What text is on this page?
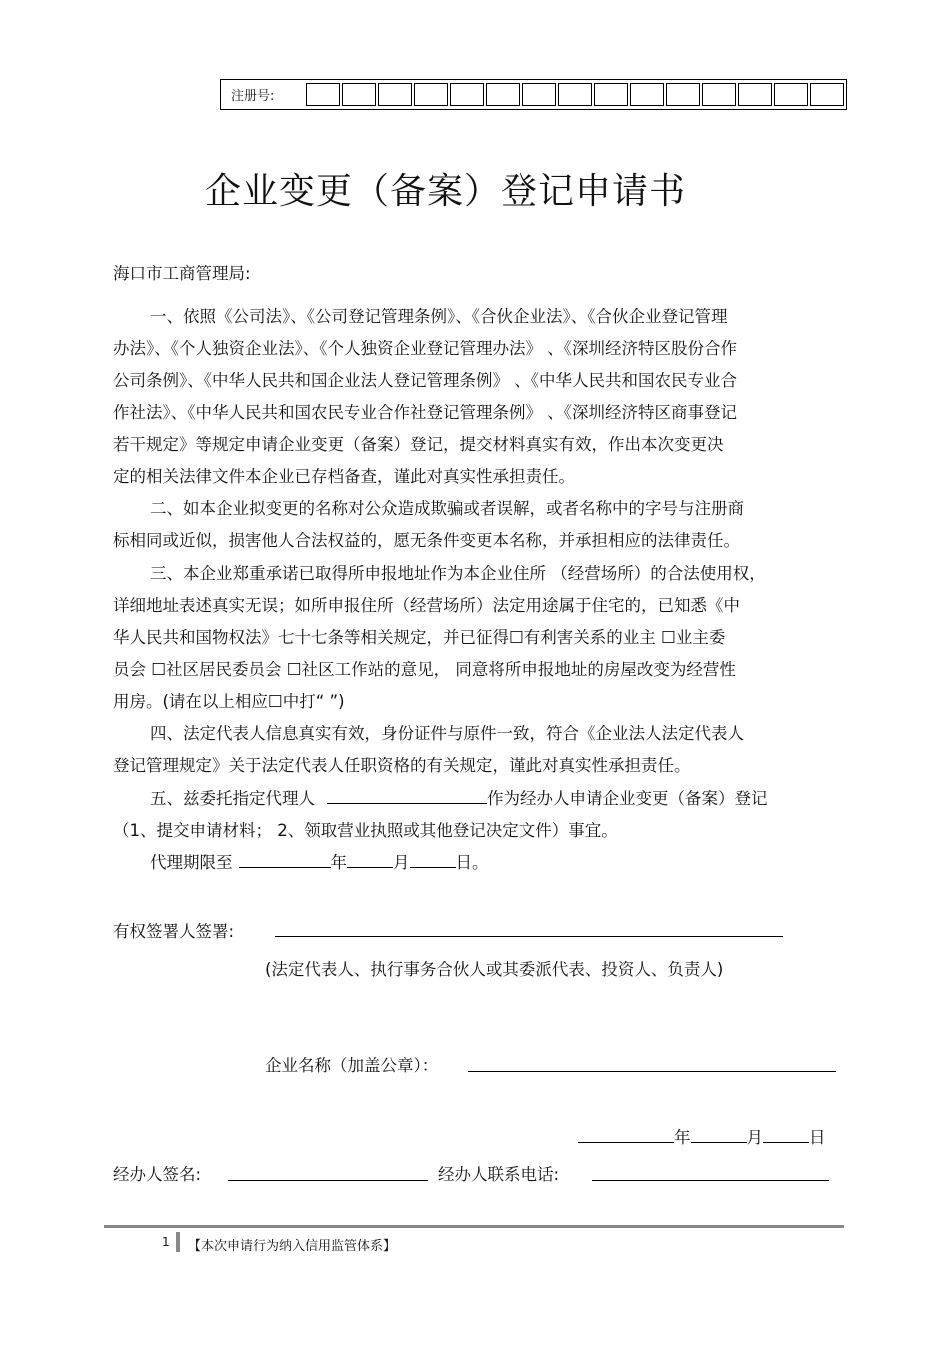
注册号:
企业变更（备案）登记申请书
海口市工商管理局:
一、依照《公司法》、《公司登记管理条例》、《合伙企业法》、《合伙企业登记管理
办法》、《个人独资企业法》、《个人独资企业登记管理办法》 、《深圳经济特区股份合作
公司条例》、《中华人民共和国企业法人登记管理条例》 、《中华人民共和国农民专业合
作社法》、《中华人民共和国农民专业合作社登记管理条例》 、《深圳经济特区商事登记
若干规定》等规定申请企业变更（备案）登记，提交材料真实有效，作出本次变更决
定的相关法律文件本企业已存档备查，谨此对真实性承担责任。
二、如本企业拟变更的名称对公众造成欺骗或者误解，或者名称中的字号与注册商
标相同或近似，损害他人合法权益的，愿无条件变更本名称，并承担相应的法律责任。
三、本企业郑重承诺已取得所申报地址作为本企业住所 （经营场所）的合法使用权，
详细地址表述真实无误；如所申报住所（经营场所）法定用途属于住宅的，已知悉《中
华人民共和国物权法》七十七条等相关规定，并已征得☐有利害关系的业主 ☐业主委
员会 ☐社区居民委员会 ☐社区工作站的意见， 同意将所申报地址的房屋改变为经营性
用房。(请在以上相应☐中打“ ”)
四、法定代表人信息真实有效，身份证件与原件一致，符合《企业法人法定代表人
登记管理规定》关于法定代表人任职资格的有关规定，谨此对真实性承担责任。
五、兹委托指定代理人	作为经办人申请企业变更（备案）登记
（1、提交申请材料； 2、领取营业执照或其他登记决定文件）事宜。
代理期限至	年	月	日。
有权签署人签署:
(法定代表人、执行事务合伙人或其委派代表、投资人、负责人)
企业名称（加盖公章）：
年	月	日
经办人签名:	经办人联系电话:
1 【本次申请行为纳入信用监管体系】
